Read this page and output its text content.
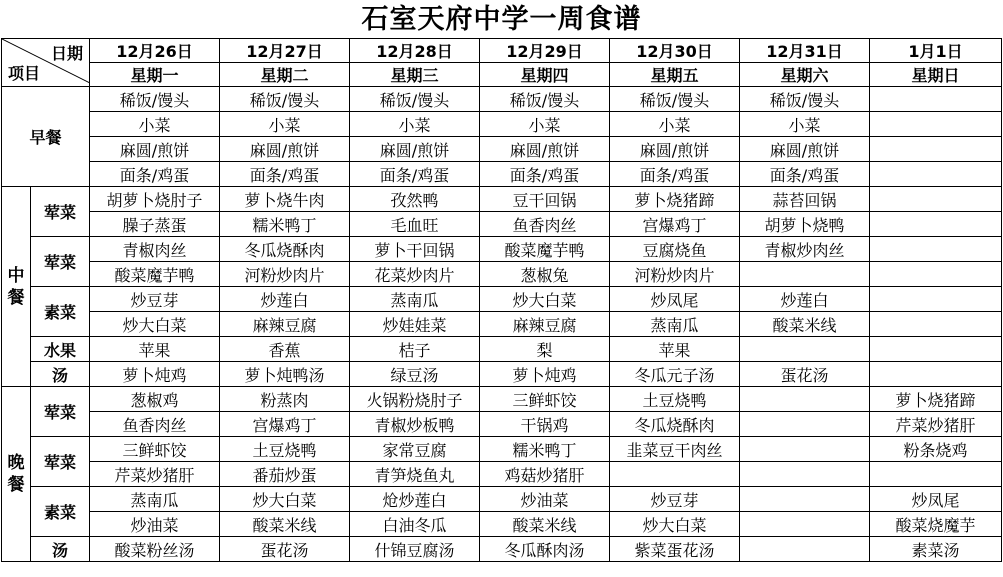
石室天府中学一周食谱
日期
项目		12月26日	12月27日	12月28日	12月29日	12月30日	12月31日	1月1日
		星期一	星期二	星期三	星期四	星期五	星期六	星期日
早餐		稀饭/馒头	稀饭/馒头	稀饭/馒头	稀饭/馒头	稀饭/馒头	稀饭/馒头	
		小菜	小菜	小菜	小菜	小菜	小菜	
		麻圆/煎饼	麻圆/煎饼	麻圆/煎饼	麻圆/煎饼	麻圆/煎饼	麻圆/煎饼	
		面条/鸡蛋	面条/鸡蛋	面条/鸡蛋	面条/鸡蛋	面条/鸡蛋	面条/鸡蛋	
中餐	荤菜	胡萝卜烧肘子	萝卜烧牛肉	孜然鸭	豆干回锅	萝卜烧猪蹄	蒜苔回锅	
		臊子蒸蛋	糯米鸭丁	毛血旺	鱼香肉丝	宫爆鸡丁	胡萝卜烧鸭	
	荤菜	青椒肉丝	冬瓜烧酥肉	萝卜干回锅	酸菜魔芋鸭	豆腐烧鱼	青椒炒肉丝	
		酸菜魔芋鸭	河粉炒肉片	花菜炒肉片	葱椒兔	河粉炒肉片		
	素菜	炒豆芽	炒莲白	蒸南瓜	炒大白菜	炒凤尾	炒莲白	
		炒大白菜	麻辣豆腐	炒娃娃菜	麻辣豆腐	蒸南瓜	酸菜米线	
	水果	苹果	香蕉	桔子	梨	苹果		
	汤	萝卜炖鸡	萝卜炖鸭汤	绿豆汤	萝卜炖鸡	冬瓜元子汤	蛋花汤	
晚餐	荤菜	葱椒鸡	粉蒸肉	火锅粉烧肘子	三鲜虾饺	土豆烧鸭		萝卜烧猪蹄
		鱼香肉丝	宫爆鸡丁	青椒炒板鸭	干锅鸡	冬瓜烧酥肉		芹菜炒猪肝
	荤菜	三鲜虾饺	土豆烧鸭	家常豆腐	糯米鸭丁	韭菜豆干肉丝		粉条烧鸡
		芹菜炒猪肝	番茄炒蛋	青笋烧鱼丸	鸡菇炒猪肝			
	素菜	蒸南瓜	炒大白菜	炝炒莲白	炒油菜	炒豆芽		炒凤尾
		炒油菜	酸菜米线	白油冬瓜	酸菜米线	炒大白菜		酸菜烧魔芋
	汤	酸菜粉丝汤	蛋花汤	什锦豆腐汤	冬瓜酥肉汤	紫菜蛋花汤		素菜汤
